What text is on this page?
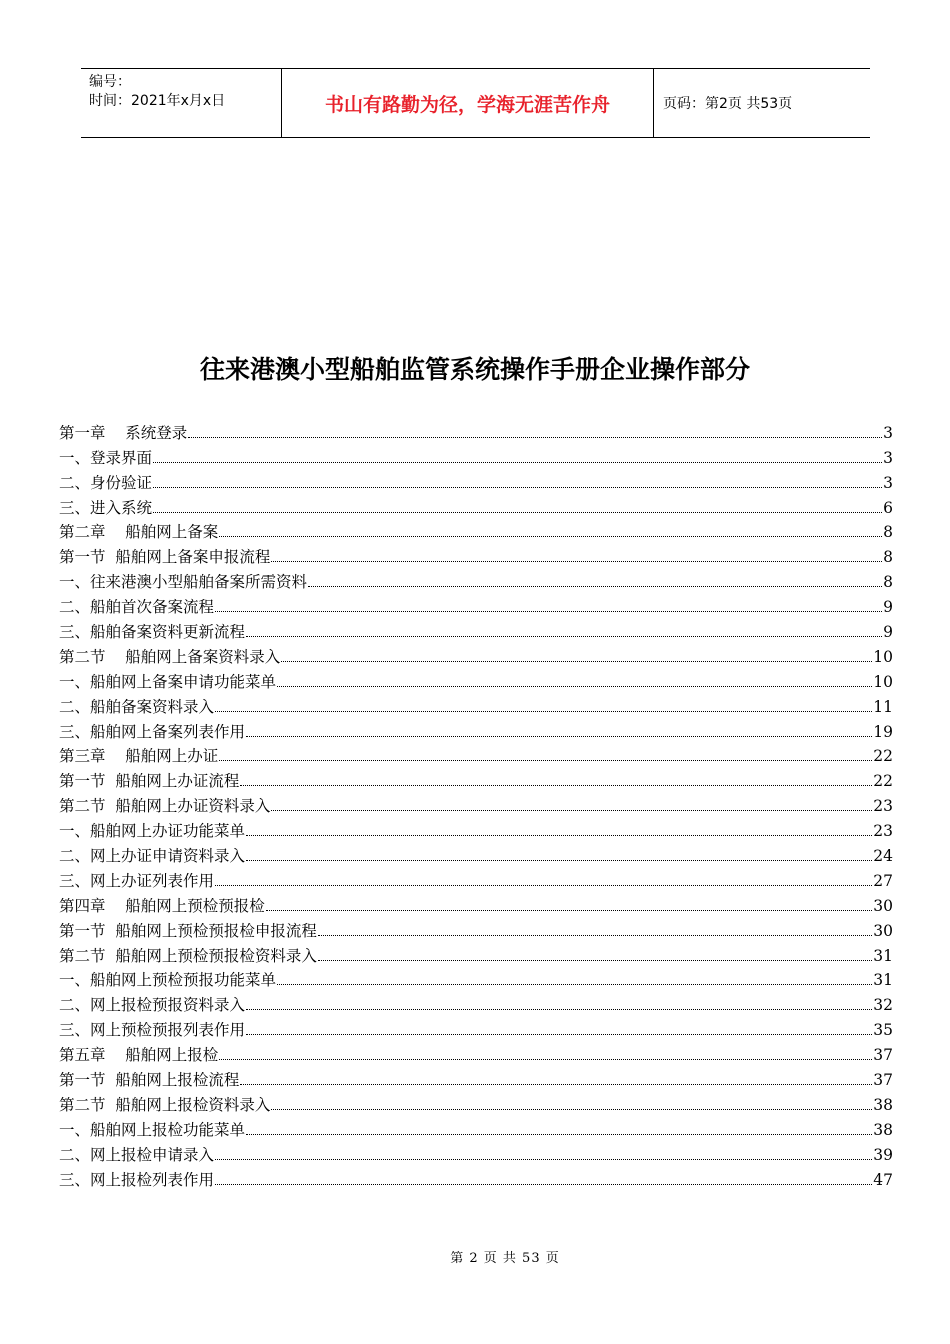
编号：
时间：2021年x月x日	书山有路勤为径，学海无涯苦作舟	页码：第2页 共53页
往来港澳小型船舶监管系统操作手册企业操作部分
第一章    系统登录	3
一、登录界面	3
二、身份验证	3
三、进入系统	6
第二章    船舶网上备案	8
第一节  船舶网上备案申报流程	8
一、往来港澳小型船舶备案所需资料	8
二、船舶首次备案流程	9
三、船舶备案资料更新流程	9
第二节    船舶网上备案资料录入	10
一、船舶网上备案申请功能菜单	10
二、船舶备案资料录入	11
三、船舶网上备案列表作用	19
第三章    船舶网上办证	22
第一节  船舶网上办证流程	22
第二节  船舶网上办证资料录入	23
一、船舶网上办证功能菜单	23
二、网上办证申请资料录入	24
三、网上办证列表作用	27
第四章    船舶网上预检预报检	30
第一节  船舶网上预检预报检申报流程	30
第二节  船舶网上预检预报检资料录入	31
一、船舶网上预检预报功能菜单	31
二、网上报检预报资料录入	32
三、网上预检预报列表作用	35
第五章    船舶网上报检	37
第一节  船舶网上报检流程	37
第二节  船舶网上报检资料录入	38
一、船舶网上报检功能菜单	38
二、网上报检申请录入	39
三、网上报检列表作用	47
第 2 页 共 53 页
